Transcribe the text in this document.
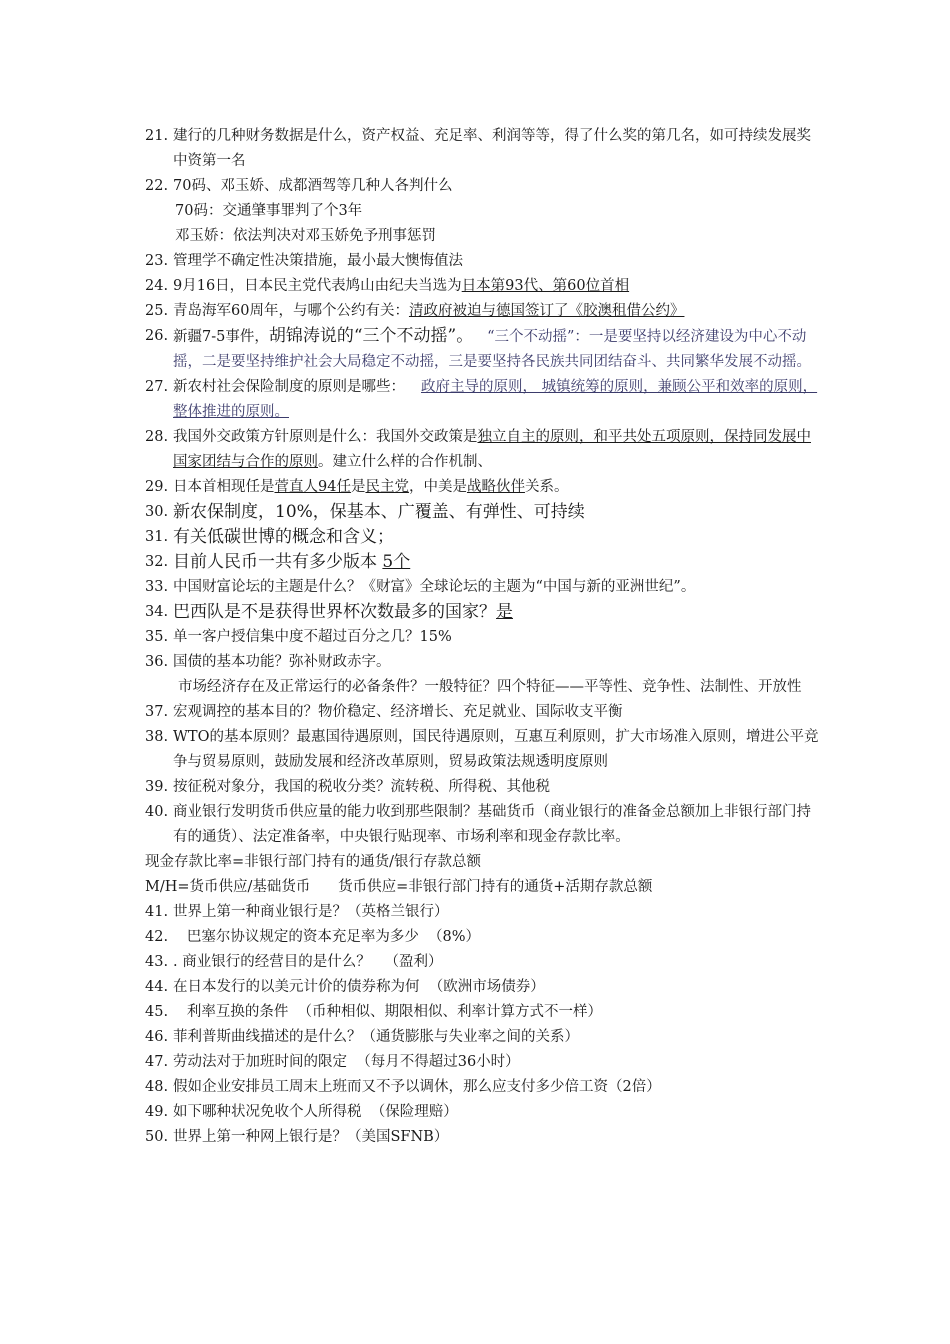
21. 建行的几种财务数据是什么，资产权益、充足率、利润等等，得了什么奖的第几名，如可持续发展奖中资第一名
22. 70码、邓玉娇、成都酒驾等几种人各判什么
70码：交通肇事罪判了个3年
邓玉娇：依法判决对邓玉娇免予刑事惩罚
23. 管理学不确定性决策措施，最小最大懊悔值法
24. 9月16日，日本民主党代表鸠山由纪夫当选为日本第93代、第60位首相
25. 青岛海军60周年，与哪个公约有关：清政府被迫与德国签订了《胶澳租借公约》
26. 新疆7-5事件，胡锦涛说的“三个不动摇”。 “三个不动摇”：一是要坚持以经济建设为中心不动摇，二是要坚持维护社会大局稳定不动摇，三是要坚持各民族共同团结奋斗、共同繁华发展不动摇。
27. 新农村社会保险制度的原则是哪些： 政府主导的原则， 城镇统筹的原则，兼顾公平和效率的原则， 整体推进的原则。
28. 我国外交政策方针原则是什么：我国外交政策是独立自主的原则，和平共处五项原则，保持同发展中国家团结与合作的原则。建立什么样的合作机制、
29. 日本首相现任是菅直人94任是民主党，中美是战略伙伴关系。
30. 新农保制度，10%，保基本、广覆盖、有弹性、可持续
31. 有关低碳世博的概念和含义；
32. 目前人民币一共有多少版本 5个
33. 中国财富论坛的主题是什么？《财富》全球论坛的主题为“中国与新的亚洲世纪”。
34. 巴西队是不是获得世界杯次数最多的国家？是
35. 单一客户授信集中度不超过百分之几？15%
36. 国债的基本功能？弥补财政赤字。
市场经济存在及正常运行的必备条件？一般特征？四个特征——平等性、竞争性、法制性、开放性
37. 宏观调控的基本目的？物价稳定、经济增长、充足就业、国际收支平衡
38. WTO的基本原则？最惠国待遇原则，国民待遇原则，互惠互利原则，扩大市场准入原则，增进公平竞争与贸易原则，鼓励发展和经济改革原则，贸易政策法规透明度原则
39. 按征税对象分，我国的税收分类？流转税、所得税、其他税
40. 商业银行发明货币供应量的能力收到那些限制？基础货币（商业银行的准备金总额加上非银行部门持有的通货）、法定准备率，中央银行贴现率、市场利率和现金存款比率。
现金存款比率=非银行部门持有的通货/银行存款总额
M/H=货币供应/基础货币      货币供应=非银行部门持有的通货+活期存款总额
41. 世界上第一种商业银行是？（英格兰银行）
42. 巴塞尔协议规定的资本充足率为多少  （8%）
43. . 商业银行的经营目的是什么？   （盈利）
44. 在日本发行的以美元计价的债券称为何  （欧洲市场债券）
45. 利率互换的条件  （币种相似、期限相似、利率计算方式不一样）
46. 菲利普斯曲线描述的是什么？（通货膨胀与失业率之间的关系）
47. 劳动法对于加班时间的限定  （每月不得超过36小时）
48. 假如企业安排员工周末上班而又不予以调休，那么应支付多少倍工资（2倍）
49. 如下哪种状况免收个人所得税  （保险理赔）
50. 世界上第一种网上银行是？（美国SFNB）
